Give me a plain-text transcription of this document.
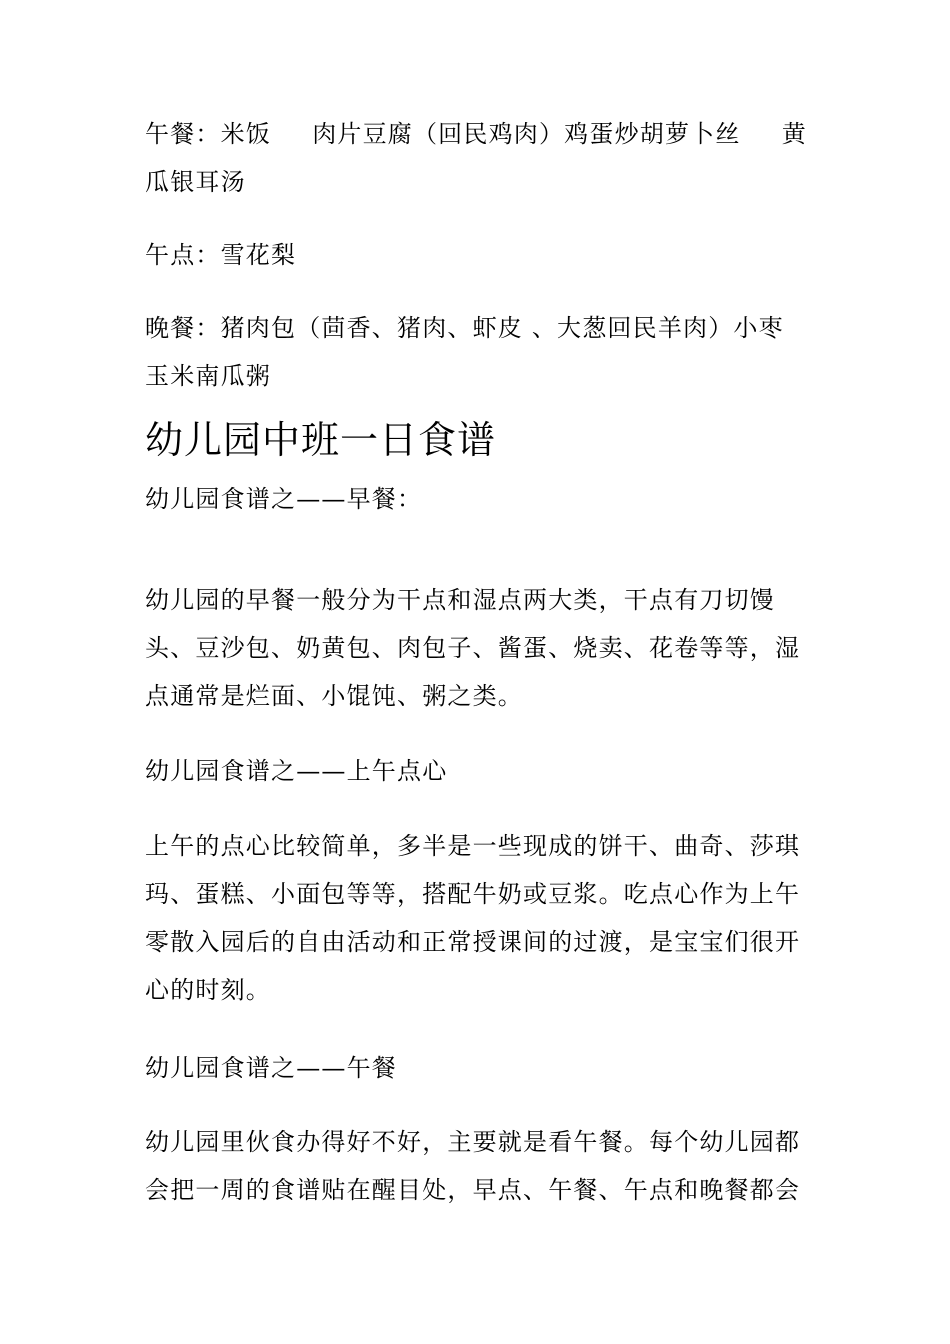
午餐：米饭 肉片豆腐（回民鸡肉）鸡蛋炒胡萝卜丝 黄
瓜银耳汤
午点：雪花梨
晚餐：猪肉包（茴香、猪肉、虾皮 、大葱回民羊肉）小枣
玉米南瓜粥
幼儿园中班一日食谱
幼儿园食谱之——早餐：
幼儿园的早餐一般分为干点和湿点两大类，干点有刀切馒
头、豆沙包、奶黄包、肉包子、酱蛋、烧卖、花卷等等，湿
点通常是烂面、小馄饨、粥之类。
幼儿园食谱之——上午点心
上午的点心比较简单，多半是一些现成的饼干、曲奇、莎琪
玛、蛋糕、小面包等等，搭配牛奶或豆浆。吃点心作为上午
零散入园后的自由活动和正常授课间的过渡，是宝宝们很开
心的时刻。
幼儿园食谱之——午餐
幼儿园里伙食办得好不好，主要就是看午餐。每个幼儿园都
会把一周的食谱贴在醒目处，早点、午餐、午点和晚餐都会
